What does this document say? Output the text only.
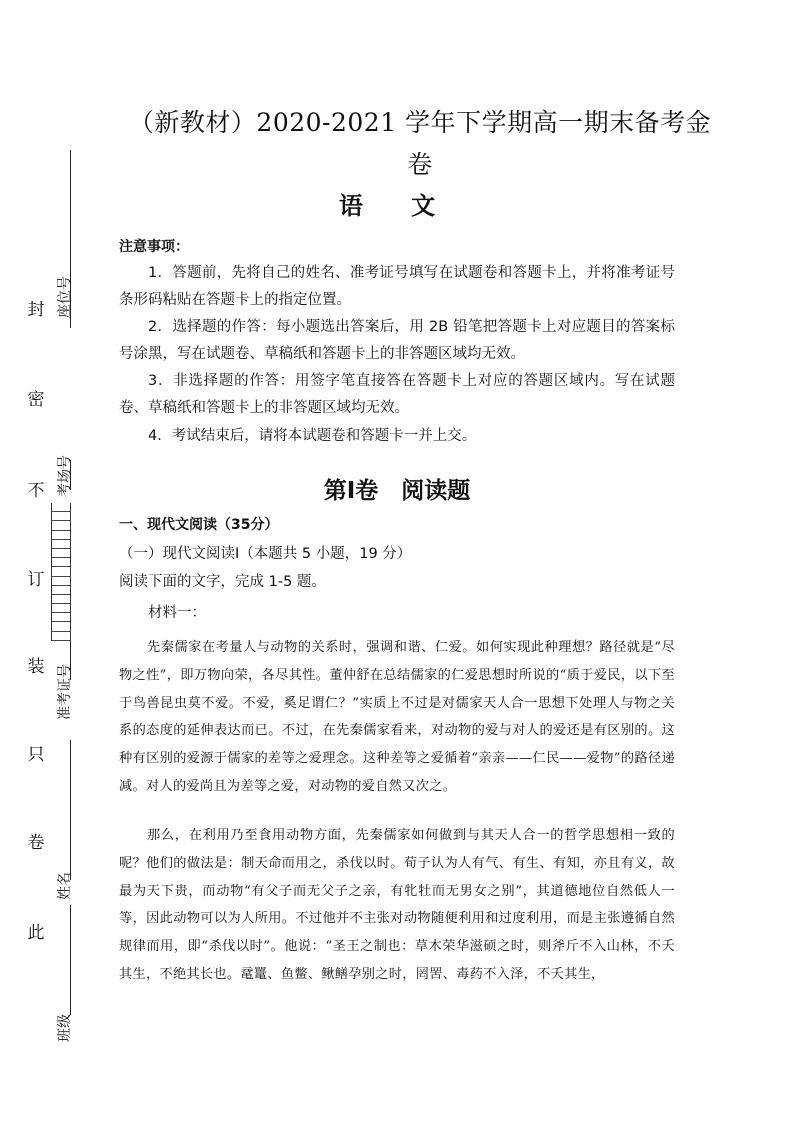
封
密
不
订
装
只
卷
此
座位号
考场号
准考证号
姓名
班级
（新教材）2020-2021 学年下学期高一期末备考金
卷
语 文
注意事项：
1．答题前，先将自己的姓名、准考证号填写在试题卷和答题卡上，并将准考证号条形码粘贴在答题卡上的指定位置。
2．选择题的作答：每小题选出答案后，用 2B 铅笔把答题卡上对应题目的答案标号涂黑，写在试题卷、草稿纸和答题卡上的非答题区域均无效。
3．非选择题的作答：用签字笔直接答在答题卡上对应的答题区域内。写在试题卷、草稿纸和答题卡上的非答题区域均无效。
4．考试结束后，请将本试题卷和答题卡一并上交。
第Ⅰ卷　阅读题
一、现代文阅读（35分）
（一）现代文阅读Ⅰ（本题共 5 小题，19 分）
阅读下面的文字，完成 1-5 题。
材料一：
先秦儒家在考量人与动物的关系时，强调和谐、仁爱。如何实现此种理想？路径就是“尽物之性”，即万物向荣，各尽其性。董仲舒在总结儒家的仁爱思想时所说的“质于爱民，以下至于鸟兽昆虫莫不爱。不爱，奚足谓仁？”实质上不过是对儒家天人合一思想下处理人与物之关系的态度的延伸表达而已。不过，在先秦儒家看来，对动物的爱与对人的爱还是有区别的。这种有区别的爱源于儒家的差等之爱理念。这种差等之爱循着“亲亲——仁民——爱物”的路径递减。对人的爱尚且为差等之爱，对动物的爱自然又次之。
那么，在利用乃至食用动物方面，先秦儒家如何做到与其天人合一的哲学思想相一致的呢？他们的做法是：制天命而用之，杀伐以时。荀子认为人有气、有生、有知，亦且有义，故最为天下贵，而动物“有父子而无父子之亲，有牝牡而无男女之别”，其道德地位自然低人一等，因此动物可以为人所用。不过他并不主张对动物随便利用和过度利用，而是主张遵循自然规律而用，即“杀伐以时”。他说：“圣王之制也：草木荣华滋硕之时，则斧斤不入山林，不夭其生，不绝其长也。鼋鼍、鱼鳖、鳅鳝孕别之时，罔罟、毒药不入泽，不夭其生，
